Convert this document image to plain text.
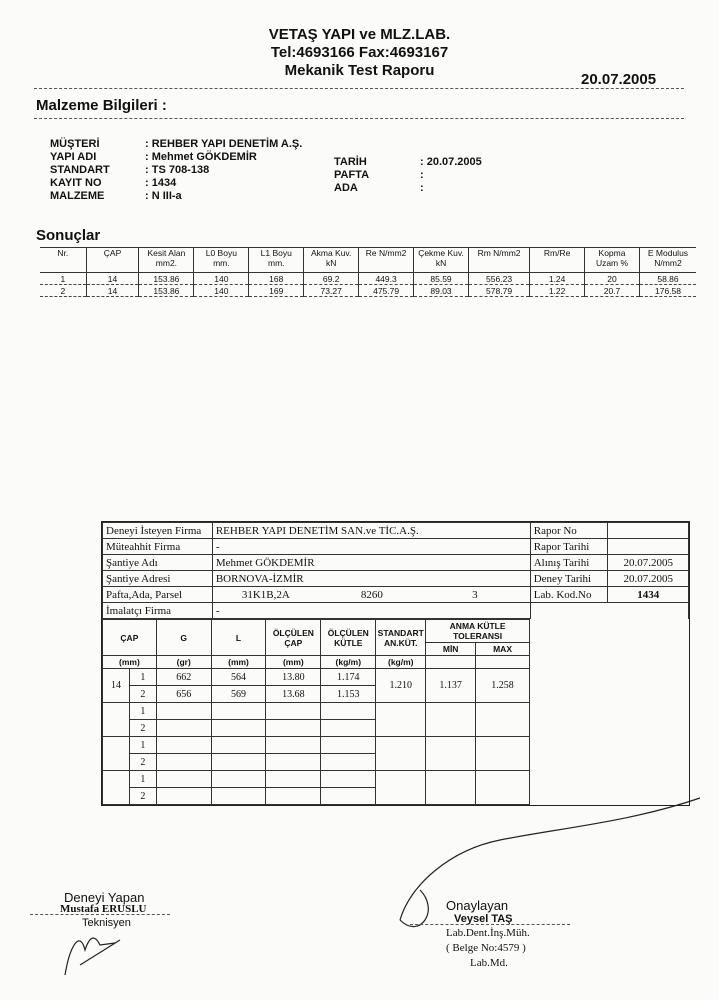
VETAŞ YAPI ve MLZ.LAB.
Tel:4693166 Fax:4693167
Mekanik Test Raporu
20.07.2005
Malzeme Bilgileri :
MÜŞTERİ	: REHBER YAPI DENETİM A.Ş.
YAPI ADI	: Mehmet GÖKDEMİR
STANDART	: TS 708-138
KAYIT NO	: 1434
MALZEME	: N III-a
TARİH	: 20.07.2005
PAFTA	:
ADA	:
Sonuçlar
Nr.	ÇAP	Kesit Alan mm2.	L0 Boyu mm.	L1 Boyu mm.	Akma Kuv. kN	Re N/mm2	Çekme Kuv. kN	Rm N/mm2	Rm/Re	Kopma Uzam %	E Modulus N/mm2
1	14	153.86	140	168	69.2	449.3	85.59	556.23	1.24	20	58.86
2	14	153.86	140	169	73.27	475.79	89.03	578.79	1.22	20.7	176.58
Deneyi İsteyen Firma	REHBER YAPI DENETİM SAN.ve TİC.A.Ş.	Rapor No	
Müteahhit Firma	-	Rapor Tarihi	
Şantiye Adı	Mehmet GÖKDEMİR	Alınış Tarihi	20.07.2005
Şantiye Adresi	BORNOVA-İZMİR	Deney Tarihi	20.07.2005
Pafta,Ada, Parsel	31K1B,2A 8260 3	Lab. Kod.No	1434
İmalatçı Firma	-		
ÇAP		G	L	ÖLÇÜLEN ÇAP	ÖLÇÜLEN KÜTLE	STANDART AN.KÜT.	ANMA KÜTLE TOLERANSI	
							MİN	MAX
(mm)		(gr)	(mm)	(mm)	(kg/m)	(kg/m)		
14	1	662	564	13.80	1.174	1.210	1.137	1.258
	2	656	569	13.68	1.153			
	1							
	2							
	1							
	2							
	1							
	2							
Deneyi Yapan
Mustafa ERUSLU
Teknisyen
Onaylayan
Veysel TAŞ
Lab.Dent.İnş.Müh.
( Belge No:4579 )
Lab.Md.
